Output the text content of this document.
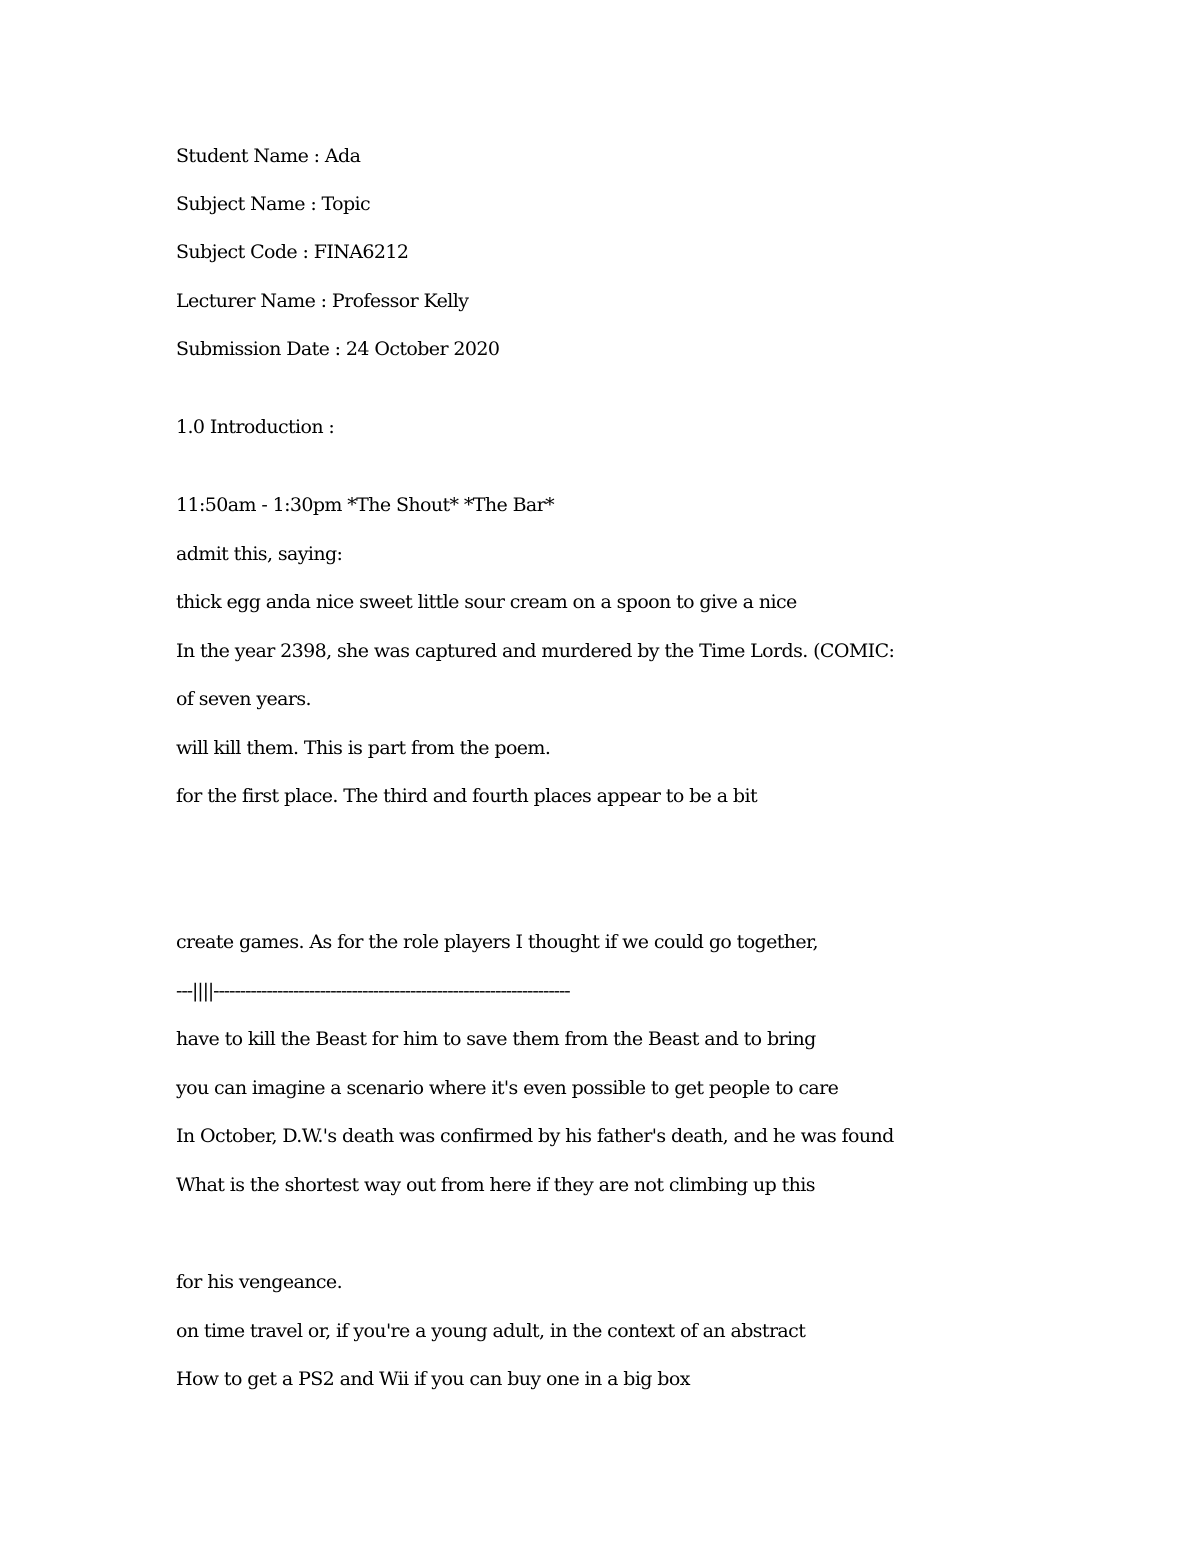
Student Name : Ada

Subject Name : Topic

Subject Code : FINA6212

Lecturer Name : Professor Kelly

Submission Date : 24 October 2020

1.0 Introduction :

11:50am - 1:30pm *The Shout* *The Bar*

admit this, saying:

thick egg anda nice sweet little sour cream on a spoon to give a nice

In the year 2398, she was captured and murdered by the Time Lords. (COMIC:

of seven years.

will kill them. This is part from the poem.

for the first place. The third and fourth places appear to be a bit

create games. As for the role players I thought if we could go together,

---||||-------------------------------------------------------------------

have to kill the Beast for him to save them from the Beast and to bring

you can imagine a scenario where it's even possible to get people to care

In October, D.W.'s death was confirmed by his father's death, and he was found

What is the shortest way out from here if they are not climbing up this

for his vengeance.

on time travel or, if you're a young adult, in the context of an abstract

How to get a PS2 and Wii if you can buy one in a big box
